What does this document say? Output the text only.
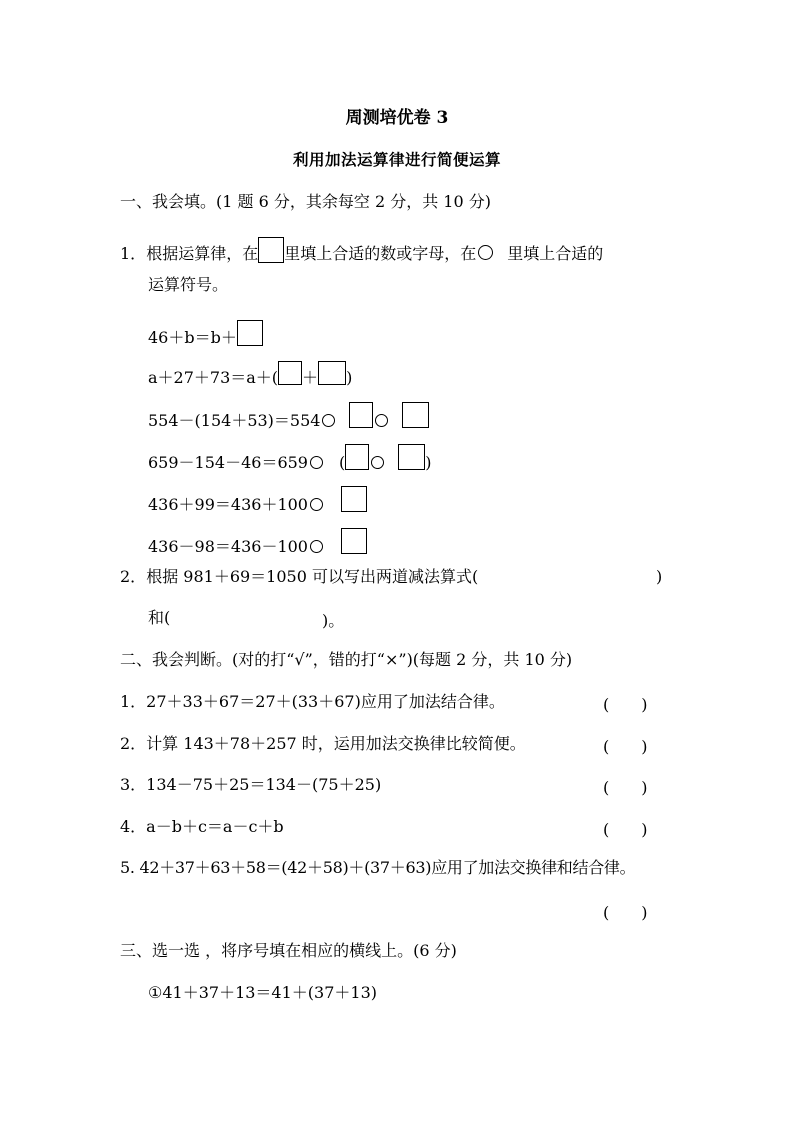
周测培优卷 3
利用加法运算律进行简便运算
一、我会填。(1 题 6 分，其余每空 2 分，共 10 分)
1．根据运算律，在 里填上合适的数或字母，在 里填上合适的
运算符号。
46＋b＝b＋
a＋27＋73＝a＋( ＋ )
554－(154＋53)＝554
659－154－46＝659 (	)
436＋99＝436＋100
436－98＝436－100
2．根据 981＋69＝1050 可以写出两道减法算式(	)
和(	)。
二、我会判断。(对的打“√”，错的打“×”)(每题 2 分，共 10 分)
1．27＋33＋67＝27＋(33＋67)应用了加法结合律。	(　　)
2．计算 143＋78＋257 时，运用加法交换律比较简便。	(　　)
3．134－75＋25＝134－(75＋25)	(　　)
4．a－b＋c＝a－c＋b	(　　)
5. 42＋37＋63＋58＝(42＋58)＋(37＋63)应用了加法交换律和结合律。
(　　)
三、选一选 ，将序号填在相应的横线上。(6 分)
①41＋37＋13＝41＋(37＋13)
